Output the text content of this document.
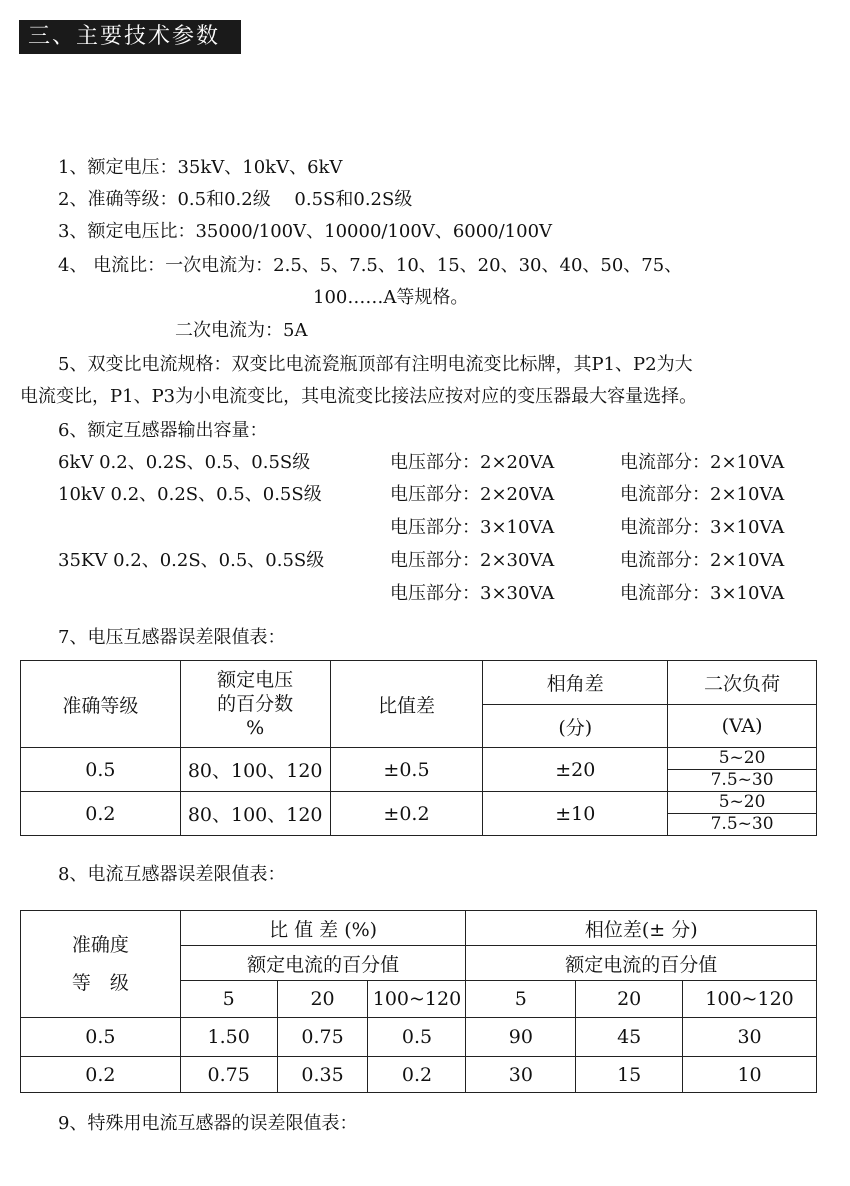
三、主要技术参数
1、额定电压：35kV、10kV、6kV
2、准确等级：0.5和0.2级　 0.5S和0.2S级
3、额定电压比：35000/100V、10000/100V、6000/100V
4、 电流比：一次电流为：2.5、5、7.5、10、15、20、30、40、50、75、
100……A等规格。
二次电流为：5A
5、双变比电流规格：双变比电流瓷瓶顶部有注明电流变比标牌，其P1、P2为大
电流变比，P1、P3为小电流变比，其电流变比接法应按对应的变压器最大容量选择。
6、额定互感器输出容量：
6kV 0.2、0.2S、0.5、0.5S级	电压部分：2×20VA	电流部分：2×10VA
10kV 0.2、0.2S、0.5、0.5S级	电压部分：2×20VA	电流部分：2×10VA
电压部分：3×10VA	电流部分：3×10VA
35KV 0.2、0.2S、0.5、0.5S级	电压部分：2×30VA	电流部分：2×10VA
电压部分：3×30VA	电流部分：3×10VA
7、电压互感器误差限值表：
准确等级	额定电压
的百分数
%	比值差	相角差	二次负荷
			(分)	(VA)
0.5	80、100、120	±0.5	±20	5~20
7.5~30

0.2	80、100、120	±0.2	±10	5~20
7.5~30
8、电流互感器误差限值表：
准确度
等　级	比 值 差 (%)			相位差(± 分)		
	额定电流的百分值			额定电流的百分值		
	5	20	100~120	5	20	100~120
0.5	1.50	0.75	0.5	90	45	30
0.2	0.75	0.35	0.2	30	15	10
9、特殊用电流互感器的误差限值表：
